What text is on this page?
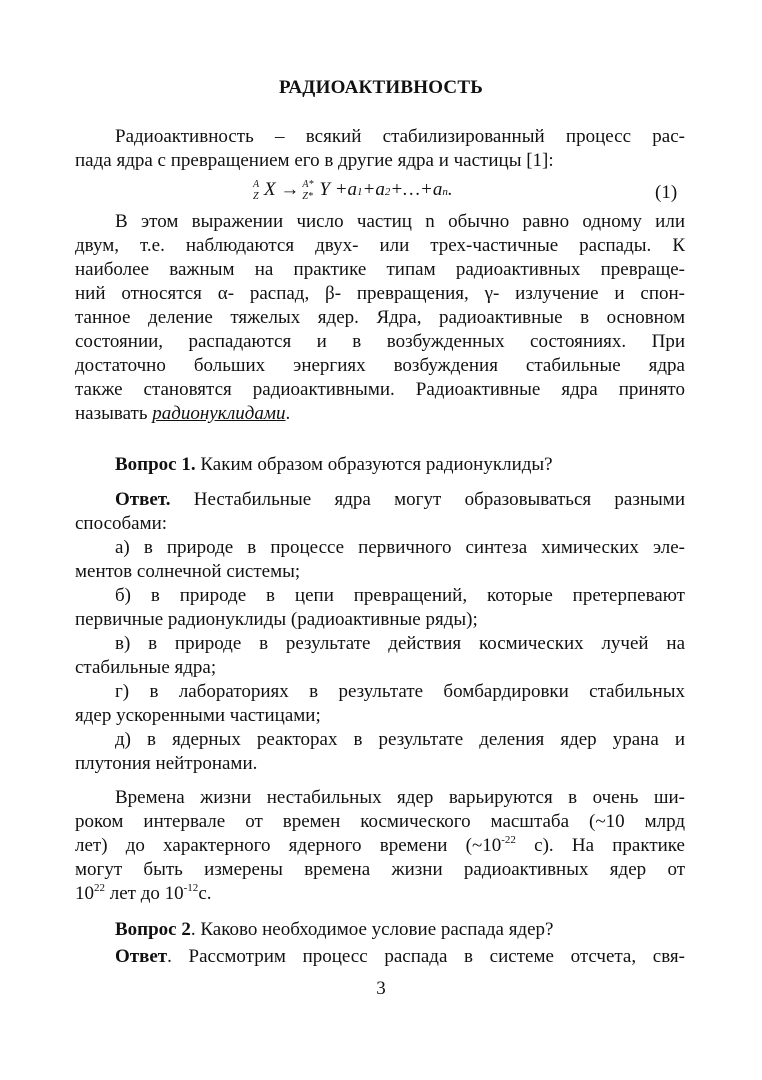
РАДИОАКТИВНОСТЬ
Радиоактивность – всякий стабилизированный процесс рас-
пада ядра с превращением его в другие ядра и частицы [1]:
A
Z X → A*
Z* Y +a1+a2+…+an.	(1)
В этом выражении число частиц n обычно равно одному или
двум, т.е. наблюдаются двух- или трех-частичные распады. К
наиболее важным на практике типам радиоактивных превраще-
ний относятся α- распад, β- превращения, γ- излучение и спон-
танное деление тяжелых ядер. Ядра, радиоактивные в основном
состоянии, распадаются и в возбужденных состояниях. При
достаточно больших энергиях возбуждения стабильные ядра
также становятся радиоактивными. Радиоактивные ядра принято
называть радионуклидами.
Вопрос 1. Каким образом образуются радионуклиды?
Ответ. Нестабильные ядра могут образовываться разными
способами:
а) в природе в процессе первичного синтеза химических эле-
ментов солнечной системы;
б) в природе в цепи превращений, которые претерпевают
первичные радионуклиды (радиоактивные ряды);
в) в природе в результате действия космических лучей на
стабильные ядра;
г) в лабораториях в результате бомбардировки стабильных
ядер ускоренными частицами;
д) в ядерных реакторах в результате деления ядер урана и
плутония нейтронами.
Времена жизни нестабильных ядер варьируются в очень ши-
роком интервале от времен космического масштаба (~10 млрд
лет) до характерного ядерного времени ($\sim 10^{-22}$ с). На практике
могут быть измерены времена жизни радиоактивных ядер от
$10^{22}$ лет до $10^{-12}с$.
Вопрос 2. Каково необходимое условие распада ядер?
Ответ. Рассмотрим процесс распада в системе отсчета, свя-
3
